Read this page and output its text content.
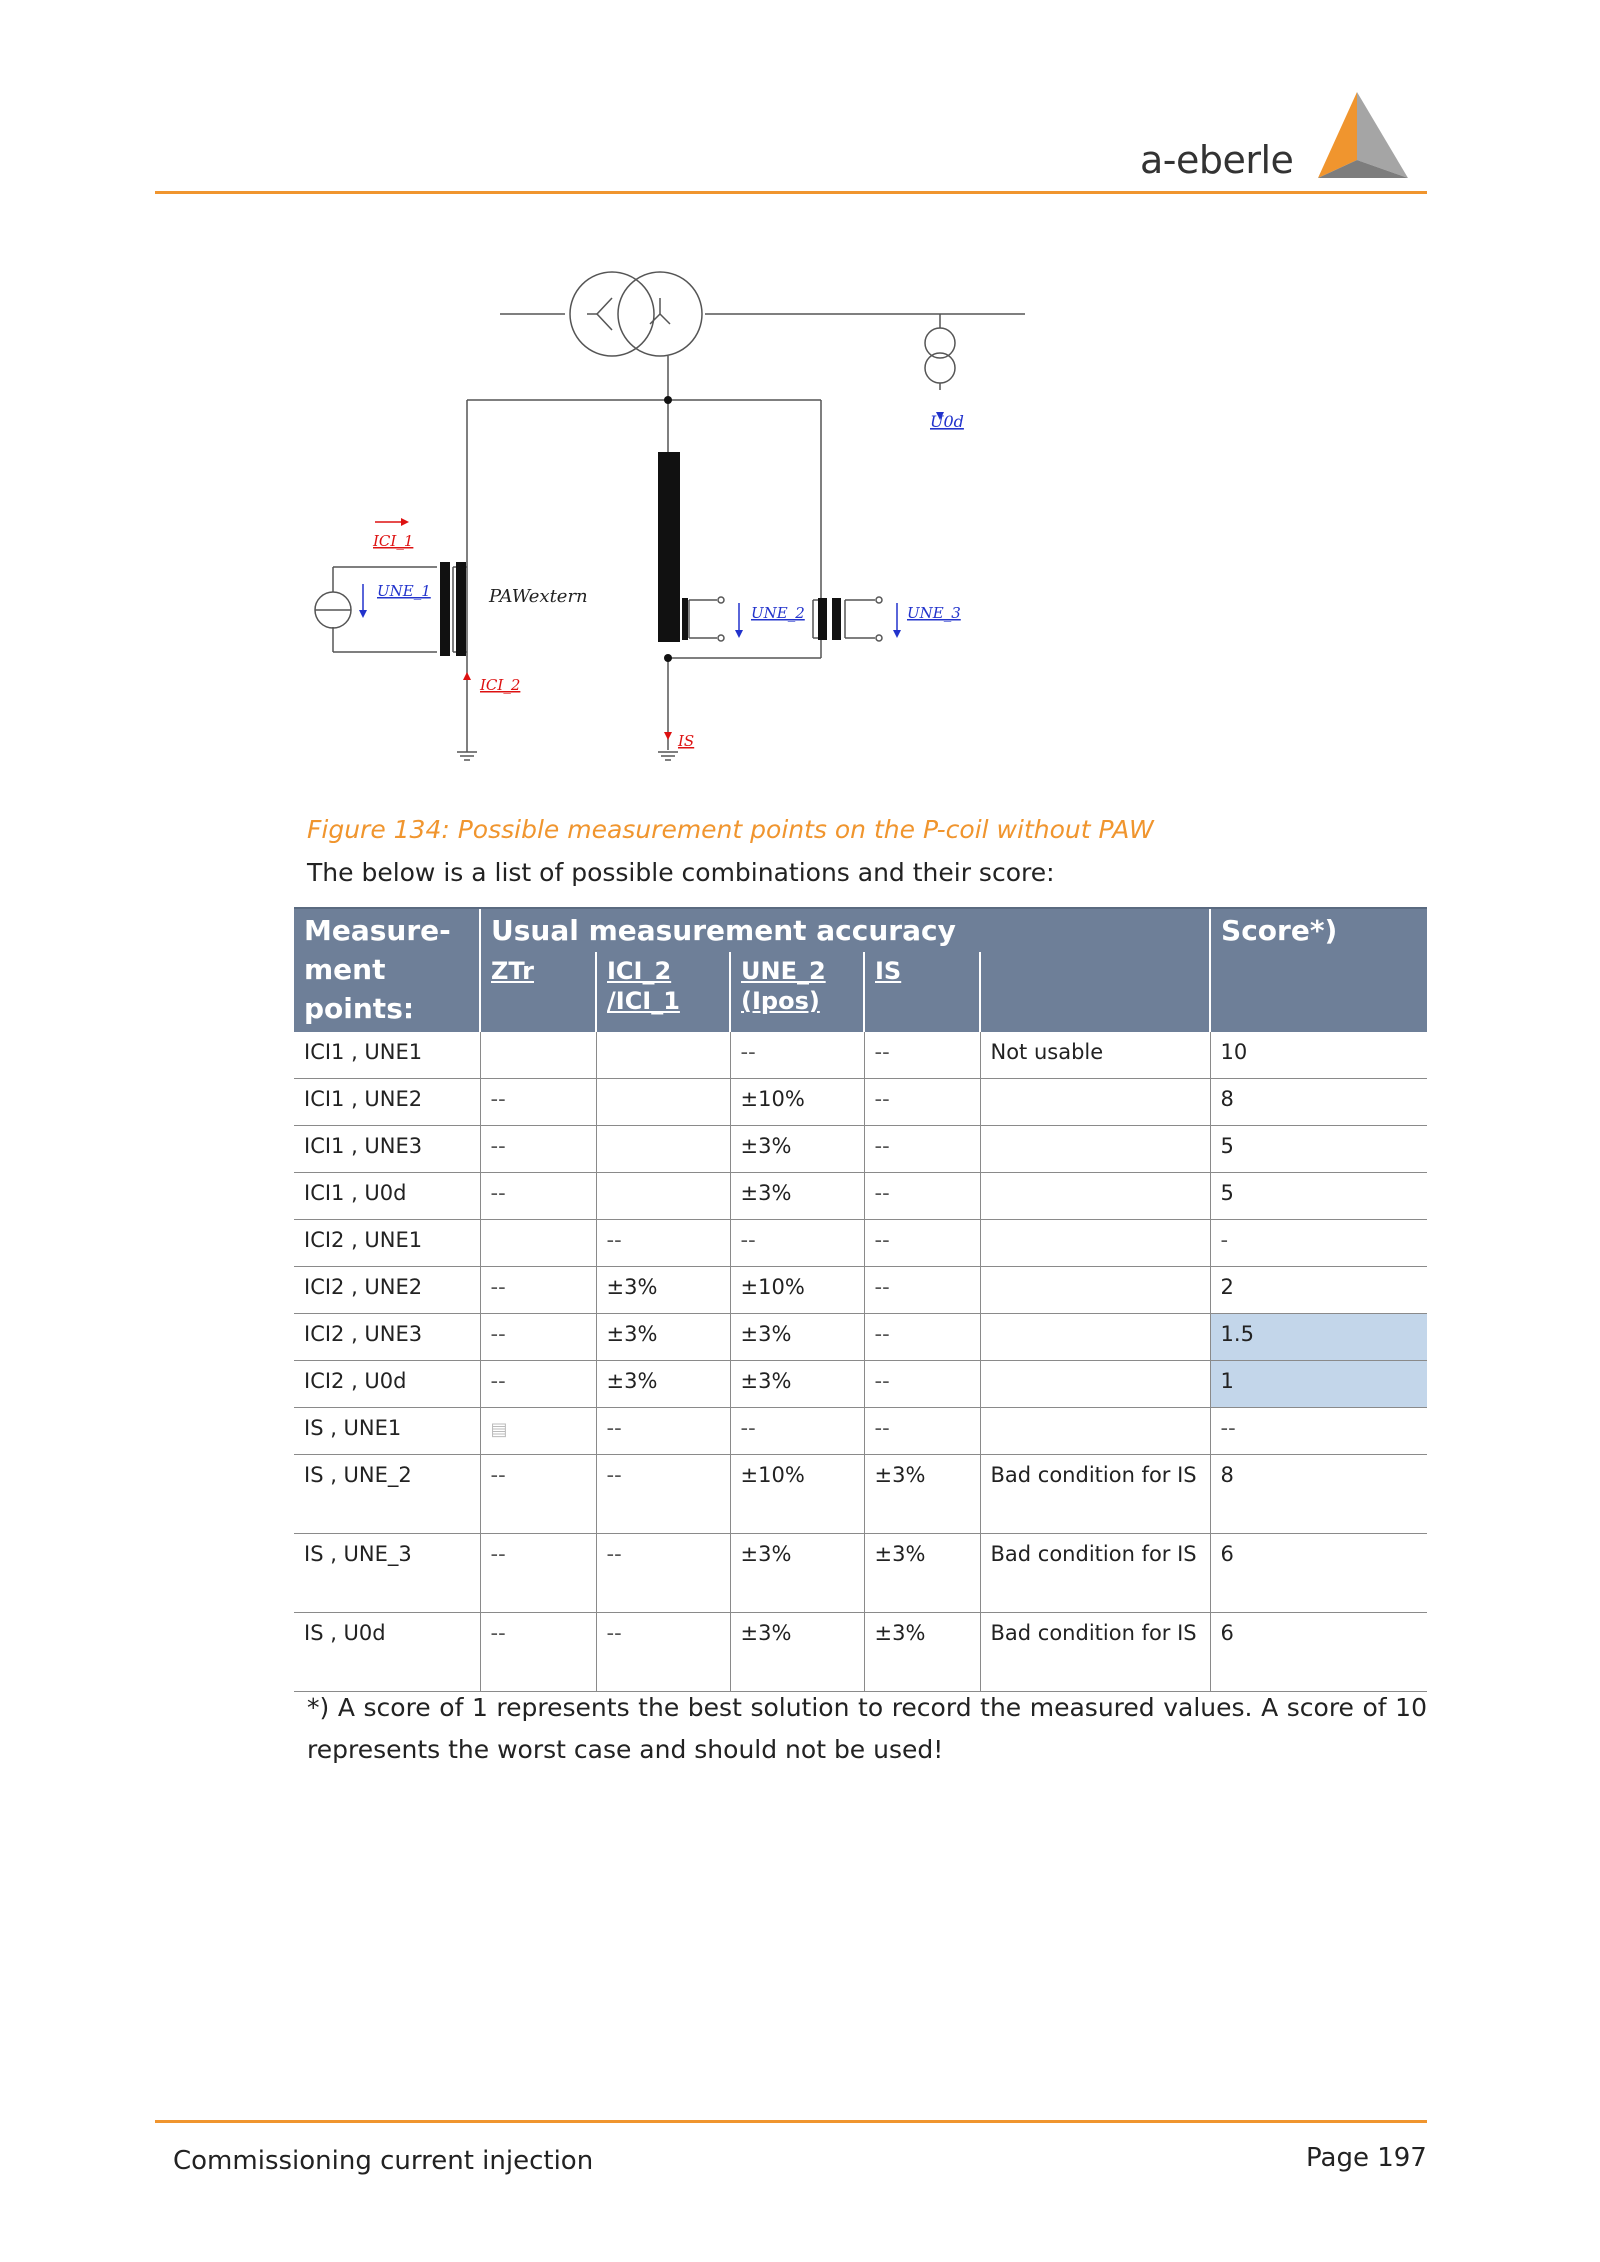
a-eberle
U0d
ICI_1
UNE_1	PAWextern
UNE_2	UNE_3
ICI_2
IS
Figure 134: Possible measurement points on the P-coil without PAW
The below is a list of possible combinations and their score:
Measure-ment points:	Usual measurement accuracy					Score*)
	ZTr	ICI_2 /ICI_1	UNE_2 (Ipos)	IS		
ICI1 , UNE1			--	--	Not usable	10
ICI1 , UNE2	--		±10%	--		8
ICI1 , UNE3	--		±3%	--		5
ICI1 , U0d	--		±3%	--		5
ICI2 , UNE1		--	--	--		-
ICI2 , UNE2	--	±3%	±10%	--		2
ICI2 , UNE3	--	±3%	±3%	--		1.5
ICI2 , U0d	--	±3%	±3%	--		1
IS , UNE1	▤	--	--	--		--
IS , UNE_2	--	--	±10%	±3%	Bad condition for IS	8
IS , UNE_3	--	--	±3%	±3%	Bad condition for IS	6
IS , U0d	--	--	±3%	±3%	Bad condition for IS	6
*) A score of 1 represents the best solution to record the measured values. A score of 10 represents the worst case and should not be used!
Commissioning current injection	Page 197
